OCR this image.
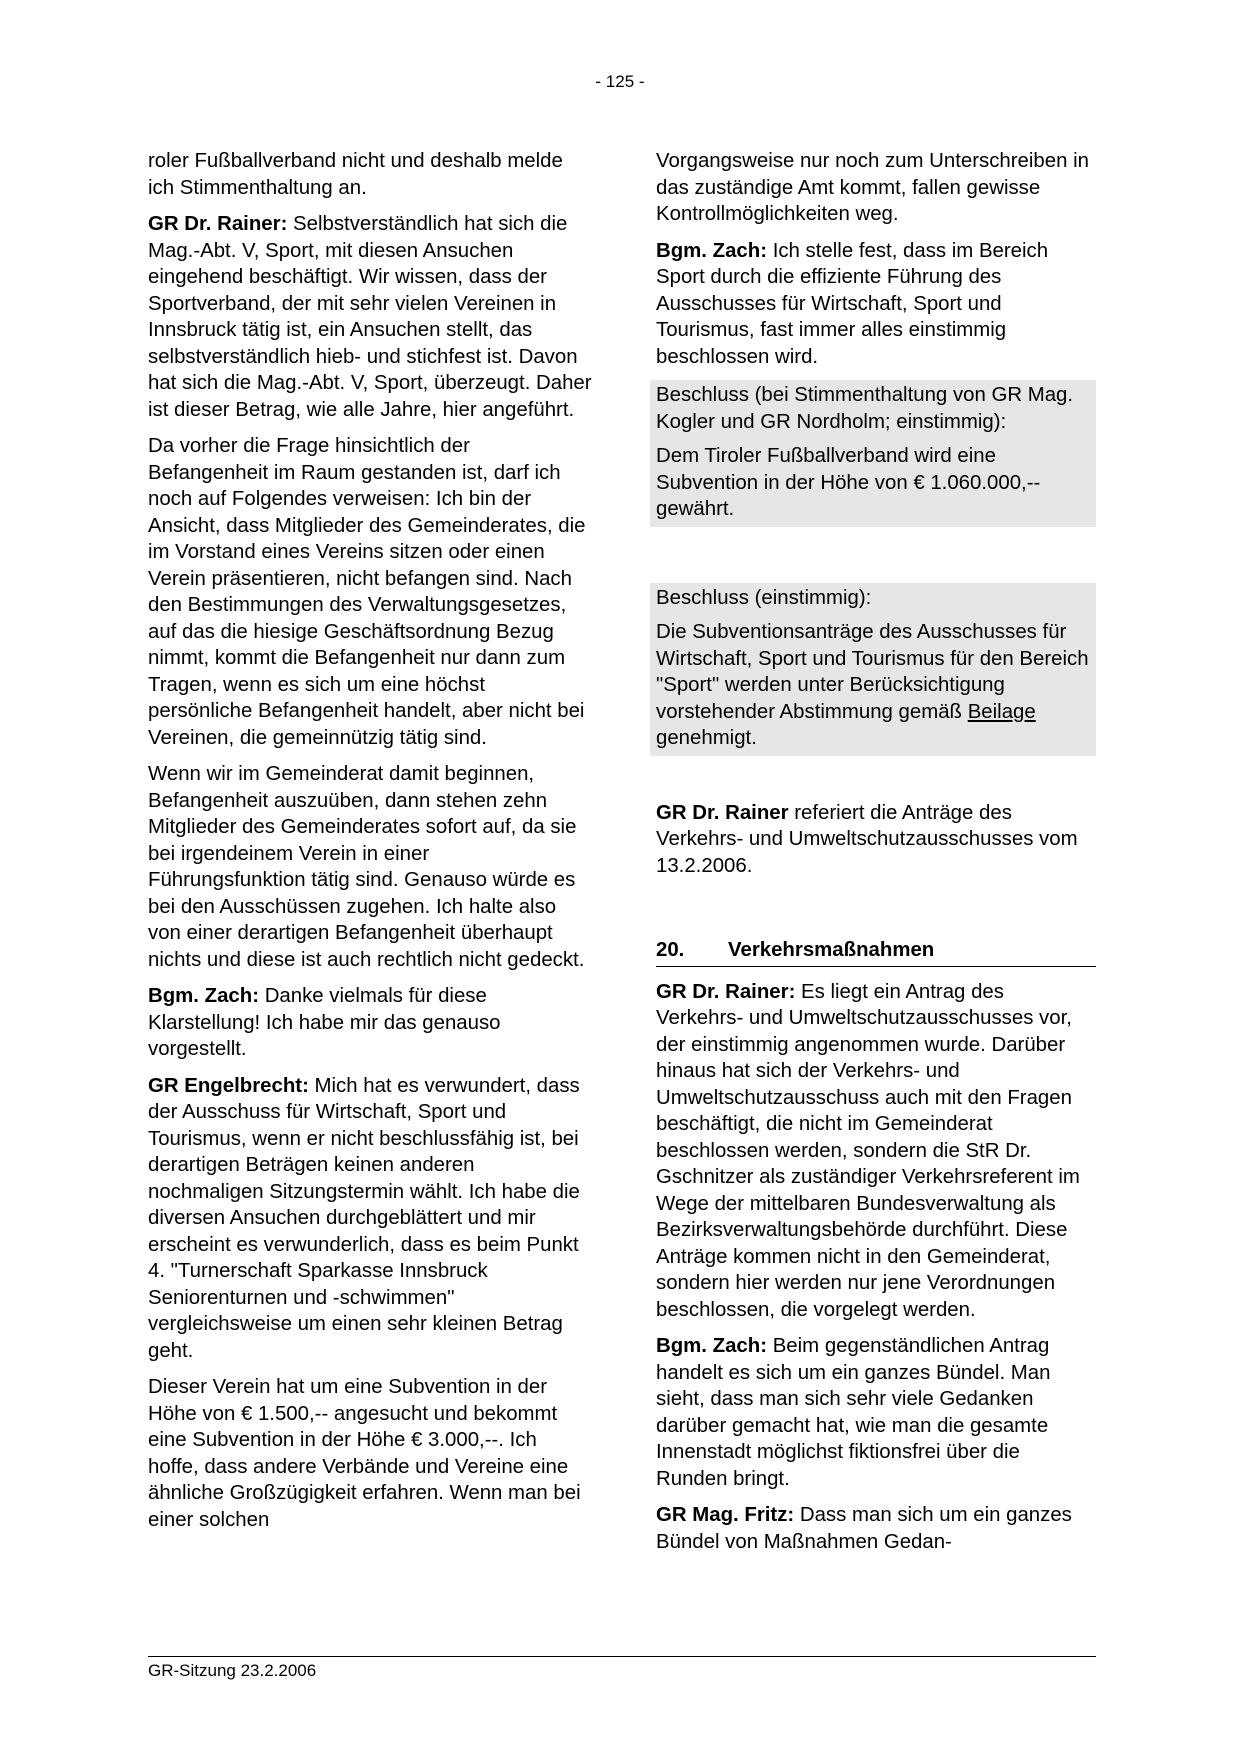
- 125 -

roler Fußballverband nicht und deshalb melde ich Stimmenthaltung an.

GR Dr. Rainer: Selbstverständlich hat sich die Mag.-Abt. V, Sport, mit diesen Ansuchen eingehend beschäftigt. Wir wissen, dass der Sportverband, der mit sehr vielen Vereinen in Innsbruck tätig ist, ein Ansuchen stellt, das selbstverständlich hieb- und stichfest ist. Davon hat sich die Mag.-Abt. V, Sport, überzeugt. Daher ist dieser Betrag, wie alle Jahre, hier angeführt.

Da vorher die Frage hinsichtlich der Befangenheit im Raum gestanden ist, darf ich noch auf Folgendes verweisen: Ich bin der Ansicht, dass Mitglieder des Gemeinderates, die im Vorstand eines Vereins sitzen oder einen Verein präsentieren, nicht befangen sind. Nach den Bestimmungen des Verwaltungsgesetzes, auf das die hiesige Geschäftsordnung Bezug nimmt, kommt die Befangenheit nur dann zum Tragen, wenn es sich um eine höchst persönliche Befangenheit handelt, aber nicht bei Vereinen, die gemeinnützig tätig sind.

Wenn wir im Gemeinderat damit beginnen, Befangenheit auszuüben, dann stehen zehn Mitglieder des Gemeinderates sofort auf, da sie bei irgendeinem Verein in einer Führungsfunktion tätig sind. Genauso würde es bei den Ausschüssen zugehen. Ich halte also von einer derartigen Befangenheit überhaupt nichts und diese ist auch rechtlich nicht gedeckt.

Bgm. Zach: Danke vielmals für diese Klarstellung! Ich habe mir das genauso vorgestellt.

GR Engelbrecht: Mich hat es verwundert, dass der Ausschuss für Wirtschaft, Sport und Tourismus, wenn er nicht beschlussfähig ist, bei derartigen Beträgen keinen anderen nochmaligen Sitzungstermin wählt. Ich habe die diversen Ansuchen durchgeblättert und mir erscheint es verwunderlich, dass es beim Punkt 4. "Turnerschaft Sparkasse Innsbruck Seniorenturnen und -schwimmen" vergleichsweise um einen sehr kleinen Betrag geht.

Dieser Verein hat um eine Subvention in der Höhe von € 1.500,-- angesucht und bekommt eine Subvention in der Höhe € 3.000,--. Ich hoffe, dass andere Verbände und Vereine eine ähnliche Großzügigkeit erfahren. Wenn man bei einer solchen

Vorgangsweise nur noch zum Unterschreiben in das zuständige Amt kommt, fallen gewisse Kontrollmöglichkeiten weg.

Bgm. Zach: Ich stelle fest, dass im Bereich Sport durch die effiziente Führung des Ausschusses für Wirtschaft, Sport und Tourismus, fast immer alles einstimmig beschlossen wird.

Beschluss (bei Stimmenthaltung von GR Mag. Kogler und GR Nordholm; einstimmig):

Dem Tiroler Fußballverband wird eine Subvention in der Höhe von € 1.060.000,-- gewährt.

Beschluss (einstimmig):

Die Subventionsanträge des Ausschusses für Wirtschaft, Sport und Tourismus für den Bereich "Sport" werden unter Berücksichtigung vorstehender Abstimmung gemäß Beilage genehmigt.

GR Dr. Rainer referiert die Anträge des Verkehrs- und Umweltschutzausschusses vom 13.2.2006.

20. Verkehrsmaßnahmen

GR Dr. Rainer: Es liegt ein Antrag des Verkehrs- und Umweltschutzausschusses vor, der einstimmig angenommen wurde. Darüber hinaus hat sich der Verkehrs- und Umweltschutzausschuss auch mit den Fragen beschäftigt, die nicht im Gemeinderat beschlossen werden, sondern die StR Dr. Gschnitzer als zuständiger Verkehrsreferent im Wege der mittelbaren Bundesverwaltung als Bezirksverwaltungsbehörde durchführt. Diese Anträge kommen nicht in den Gemeinderat, sondern hier werden nur jene Verordnungen beschlossen, die vorgelegt werden.

Bgm. Zach: Beim gegenständlichen Antrag handelt es sich um ein ganzes Bündel. Man sieht, dass man sich sehr viele Gedanken darüber gemacht hat, wie man die gesamte Innenstadt möglichst fiktionsfrei über die Runden bringt.

GR Mag. Fritz: Dass man sich um ein ganzes Bündel von Maßnahmen Gedan-

GR-Sitzung 23.2.2006
